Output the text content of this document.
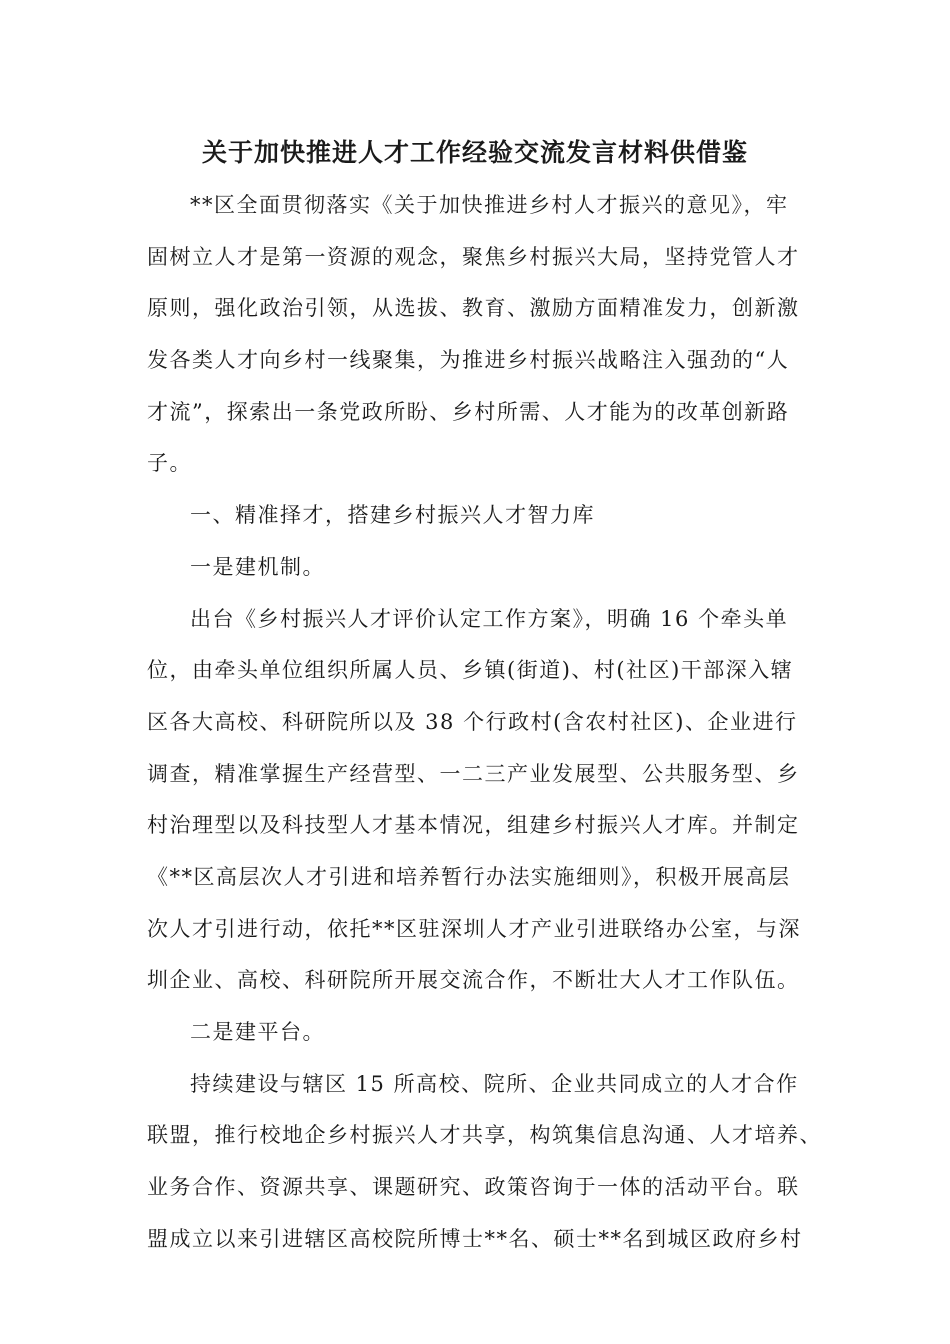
关于加快推进人才工作经验交流发言材料供借鉴
**区全面贯彻落实《关于加快推进乡村人才振兴的意见》，牢
固树立人才是第一资源的观念，聚焦乡村振兴大局，坚持党管人才
原则，强化政治引领，从选拔、教育、激励方面精准发力，创新激
发各类人才向乡村一线聚集，为推进乡村振兴战略注入强劲的“人
才流”，探索出一条党政所盼、乡村所需、人才能为的改革创新路
子。
一、精准择才，搭建乡村振兴人才智力库
一是建机制。
出台《乡村振兴人才评价认定工作方案》，明确 16 个牵头单
位，由牵头单位组织所属人员、乡镇(街道)、村(社区)干部深入辖
区各大高校、科研院所以及 38 个行政村(含农村社区)、企业进行
调查，精准掌握生产经营型、一二三产业发展型、公共服务型、乡
村治理型以及科技型人才基本情况，组建乡村振兴人才库。并制定
《**区高层次人才引进和培养暂行办法实施细则》，积极开展高层
次人才引进行动，依托**区驻深圳人才产业引进联络办公室，与深
圳企业、高校、科研院所开展交流合作，不断壮大人才工作队伍。
二是建平台。
持续建设与辖区 15 所高校、院所、企业共同成立的人才合作
联盟，推行校地企乡村振兴人才共享，构筑集信息沟通、人才培养、
业务合作、资源共享、课题研究、政策咨询于一体的活动平台。联
盟成立以来引进辖区高校院所博士**名、硕士**名到城区政府乡村
